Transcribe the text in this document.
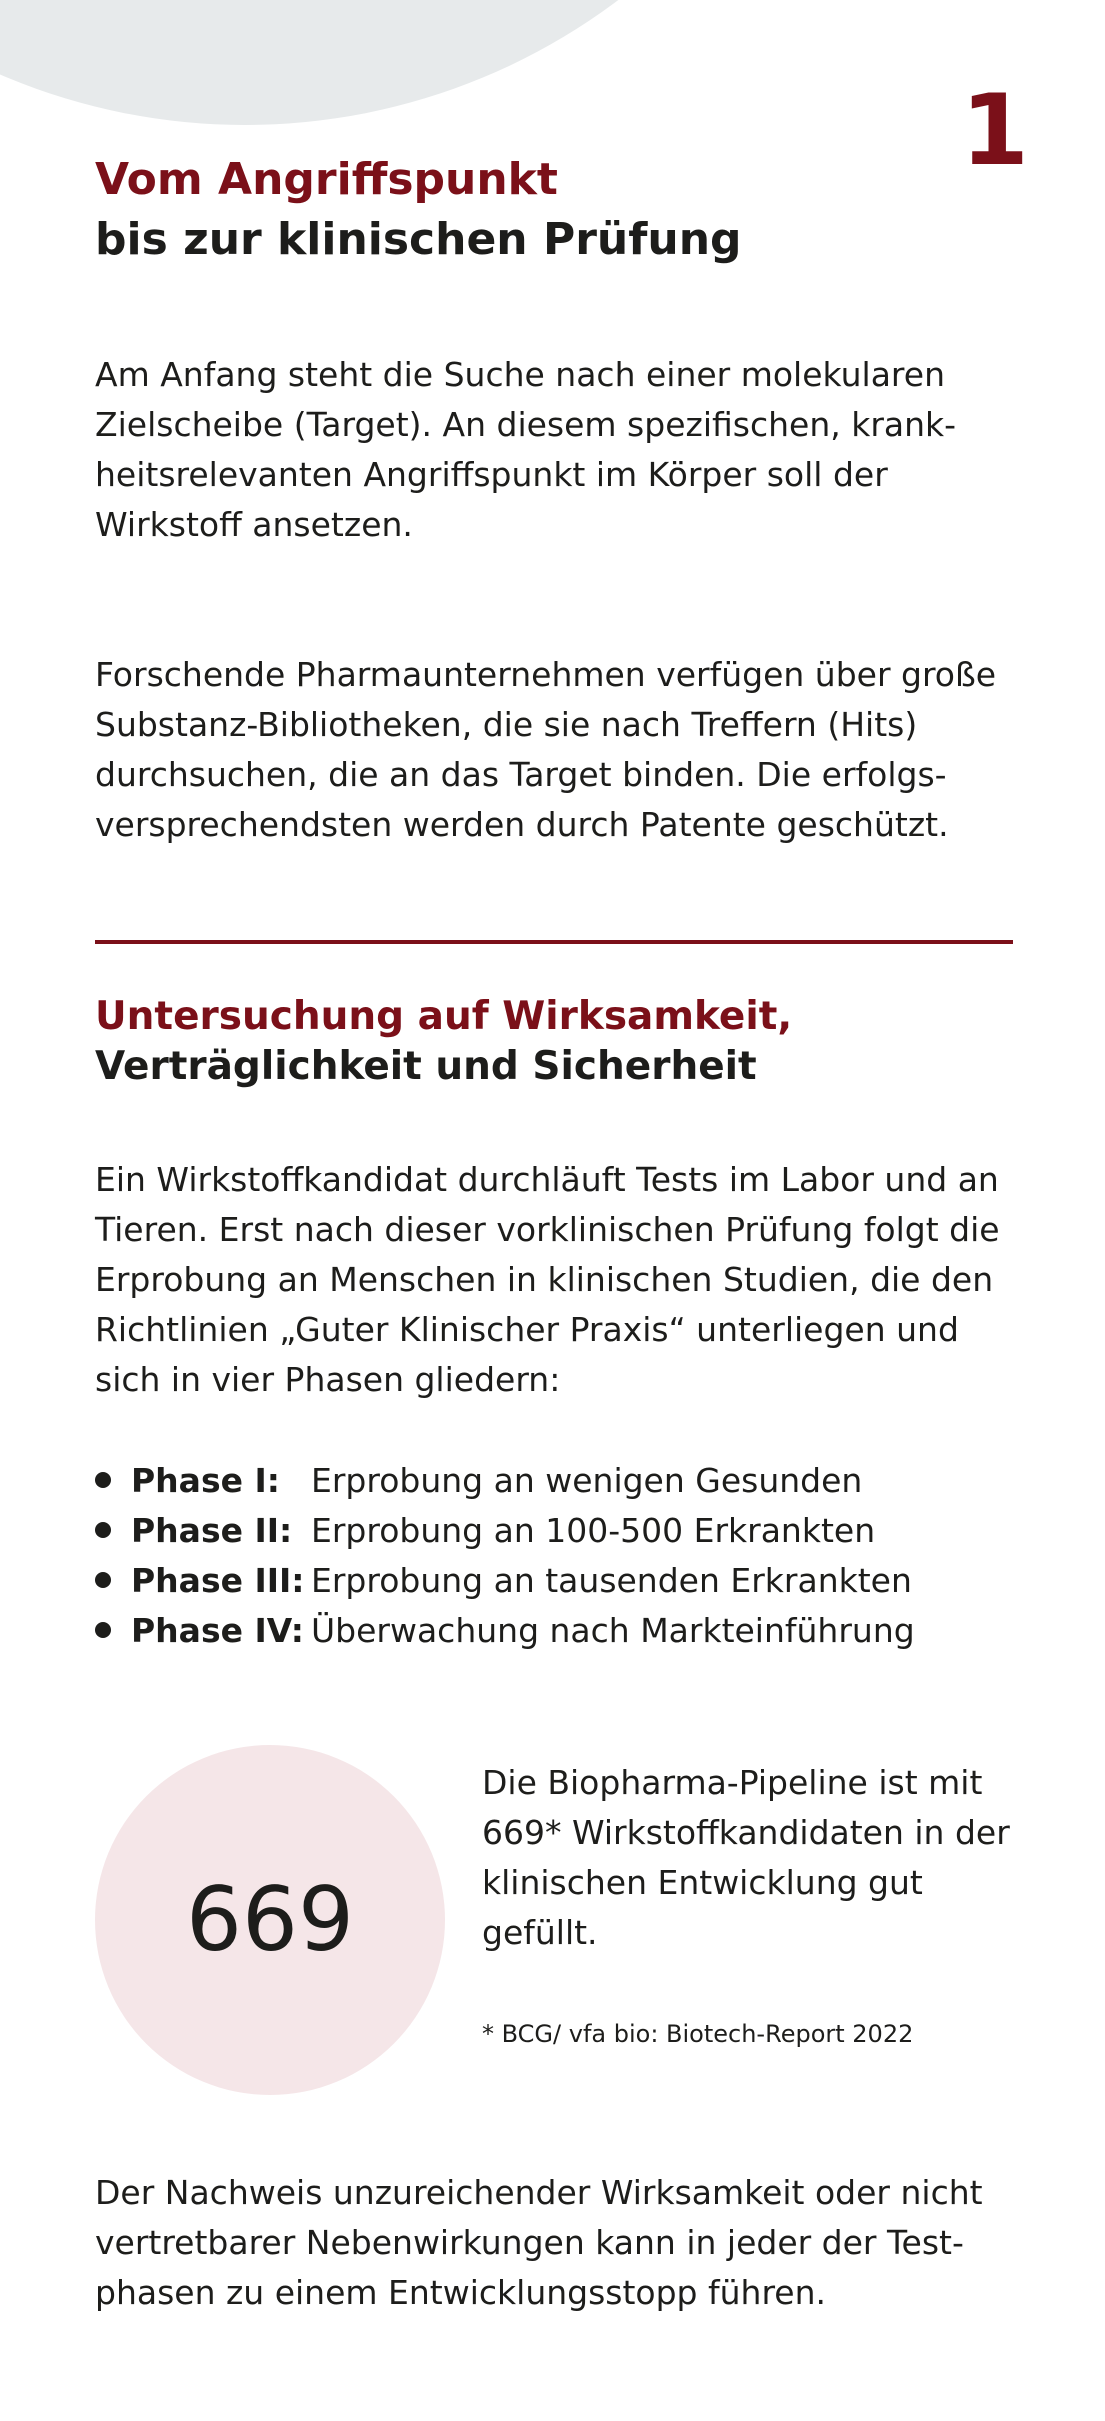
1
Vom Angriffspunkt
bis zur klinischen Prüfung

Am Anfang steht die Suche nach einer molekularen Zielscheibe (Target). An diesem spezifischen, krankheitsrelevanten Angriffspunkt im Körper soll der Wirkstoff ansetzen.

Forschende Pharmaunternehmen verfügen über große Substanz-Bibliotheken, die sie nach Treffern (Hits) durchsuchen, die an das Target binden. Die erfolgsversprechendsten werden durch Patente geschützt.

Untersuchung auf Wirksamkeit,
Verträglichkeit und Sicherheit

Ein Wirkstoffkandidat durchläuft Tests im Labor und an Tieren. Erst nach dieser vorklinischen Prüfung folgt die Erprobung an Menschen in klinischen Studien, die den Richtlinien „Guter Klinischer Praxis“ unterliegen und sich in vier Phasen gliedern:

Phase I: Erprobung an wenigen Gesunden
Phase II: Erprobung an 100-500 Erkrankten
Phase III: Erprobung an tausenden Erkrankten
Phase IV: Überwachung nach Markteinführung
669

Die Biopharma-Pipeline ist mit 669* Wirkstoffkandidaten in der klinischen Entwicklung gut gefüllt.

* BCG/ vfa bio: Biotech-Report 2022

Der Nachweis unzureichender Wirksamkeit oder nicht vertretbarer Nebenwirkungen kann in jeder der Testphasen zu einem Entwicklungsstopp führen.
